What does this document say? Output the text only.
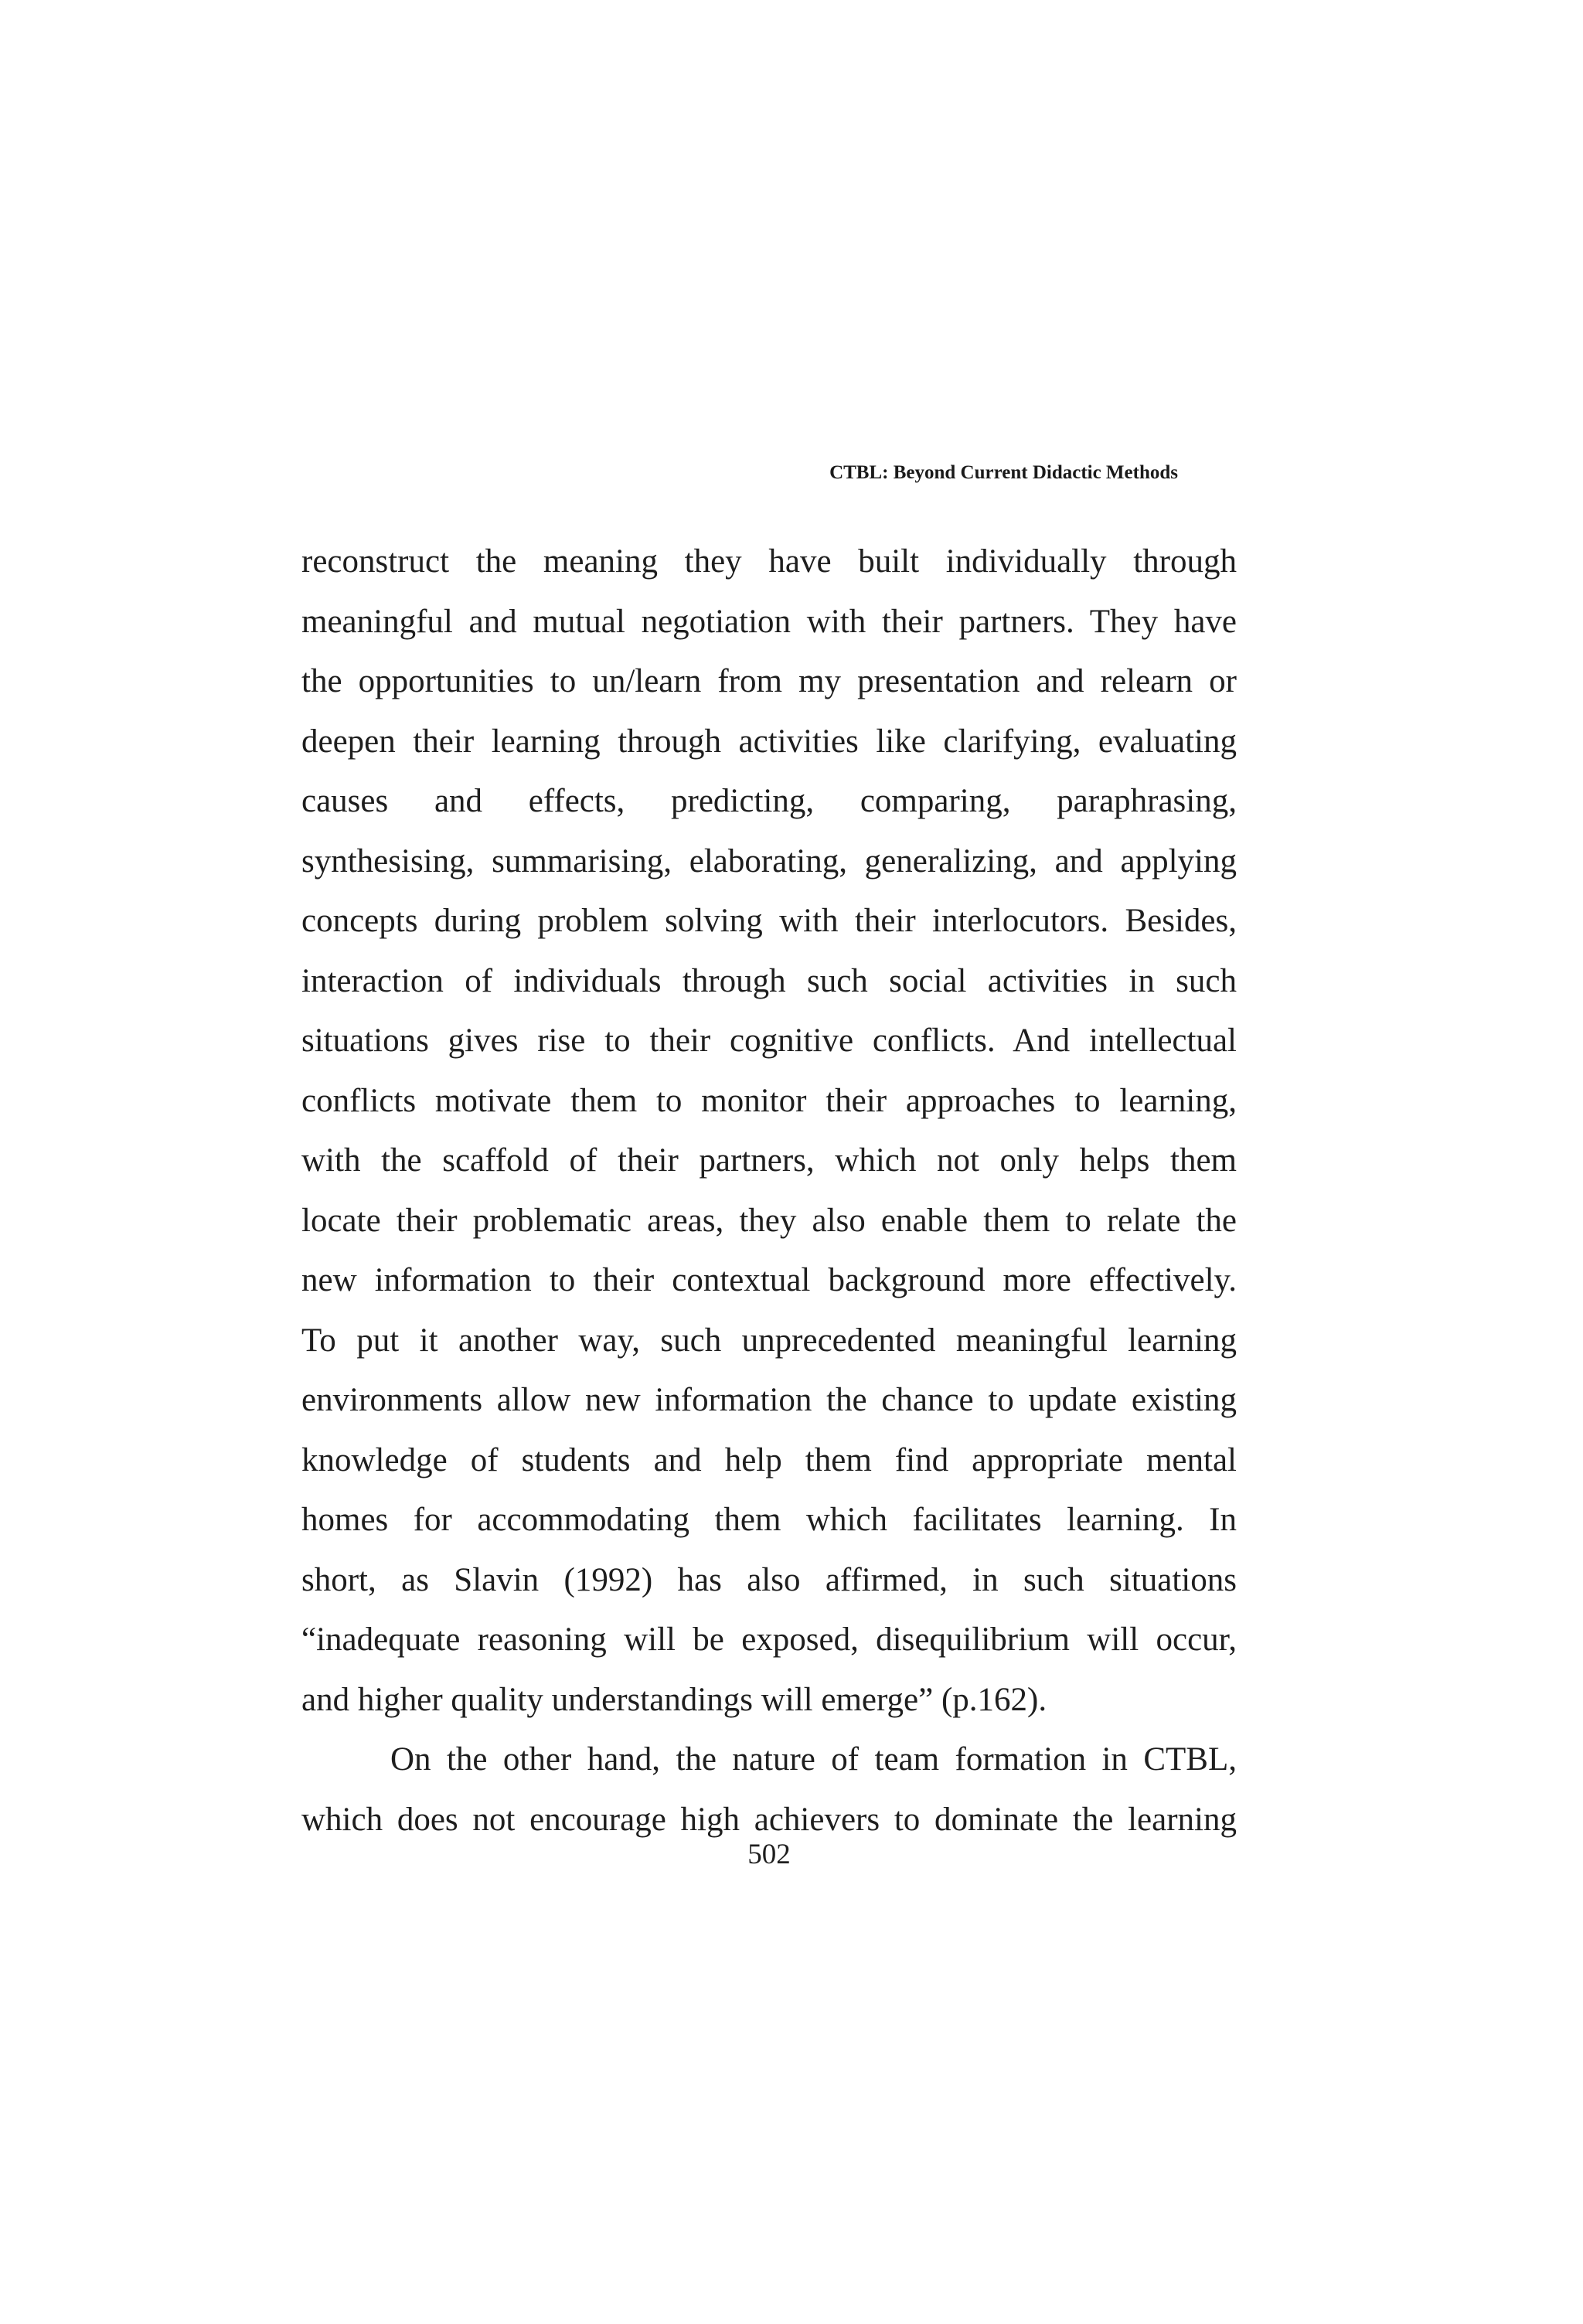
CTBL: Beyond Current Didactic Methods
reconstruct the meaning they have built individually through
meaningful and mutual negotiation with their partners. They have
the opportunities to un/learn from my presentation and relearn or
deepen their learning through activities like clarifying, evaluating
causes and effects, predicting, comparing, paraphrasing,
synthesising, summarising, elaborating, generalizing, and applying
concepts during problem solving with their interlocutors. Besides,
interaction of individuals through such social activities in such
situations gives rise to their cognitive conflicts. And intellectual
conflicts motivate them to monitor their approaches to learning,
with the scaffold of their partners, which not only helps them
locate their problematic areas, they also enable them to relate the
new information to their contextual background more effectively.
To put it another way, such unprecedented meaningful learning
environments allow new information the chance to update existing
knowledge of students and help them find appropriate mental
homes for accommodating them which facilitates learning. In
short, as Slavin (1992) has also affirmed, in such situations
“inadequate reasoning will be exposed, disequilibrium will occur,
and higher quality understandings will emerge” (p.162).
On the other hand, the nature of team formation in CTBL,
which does not encourage high achievers to dominate the learning
502
